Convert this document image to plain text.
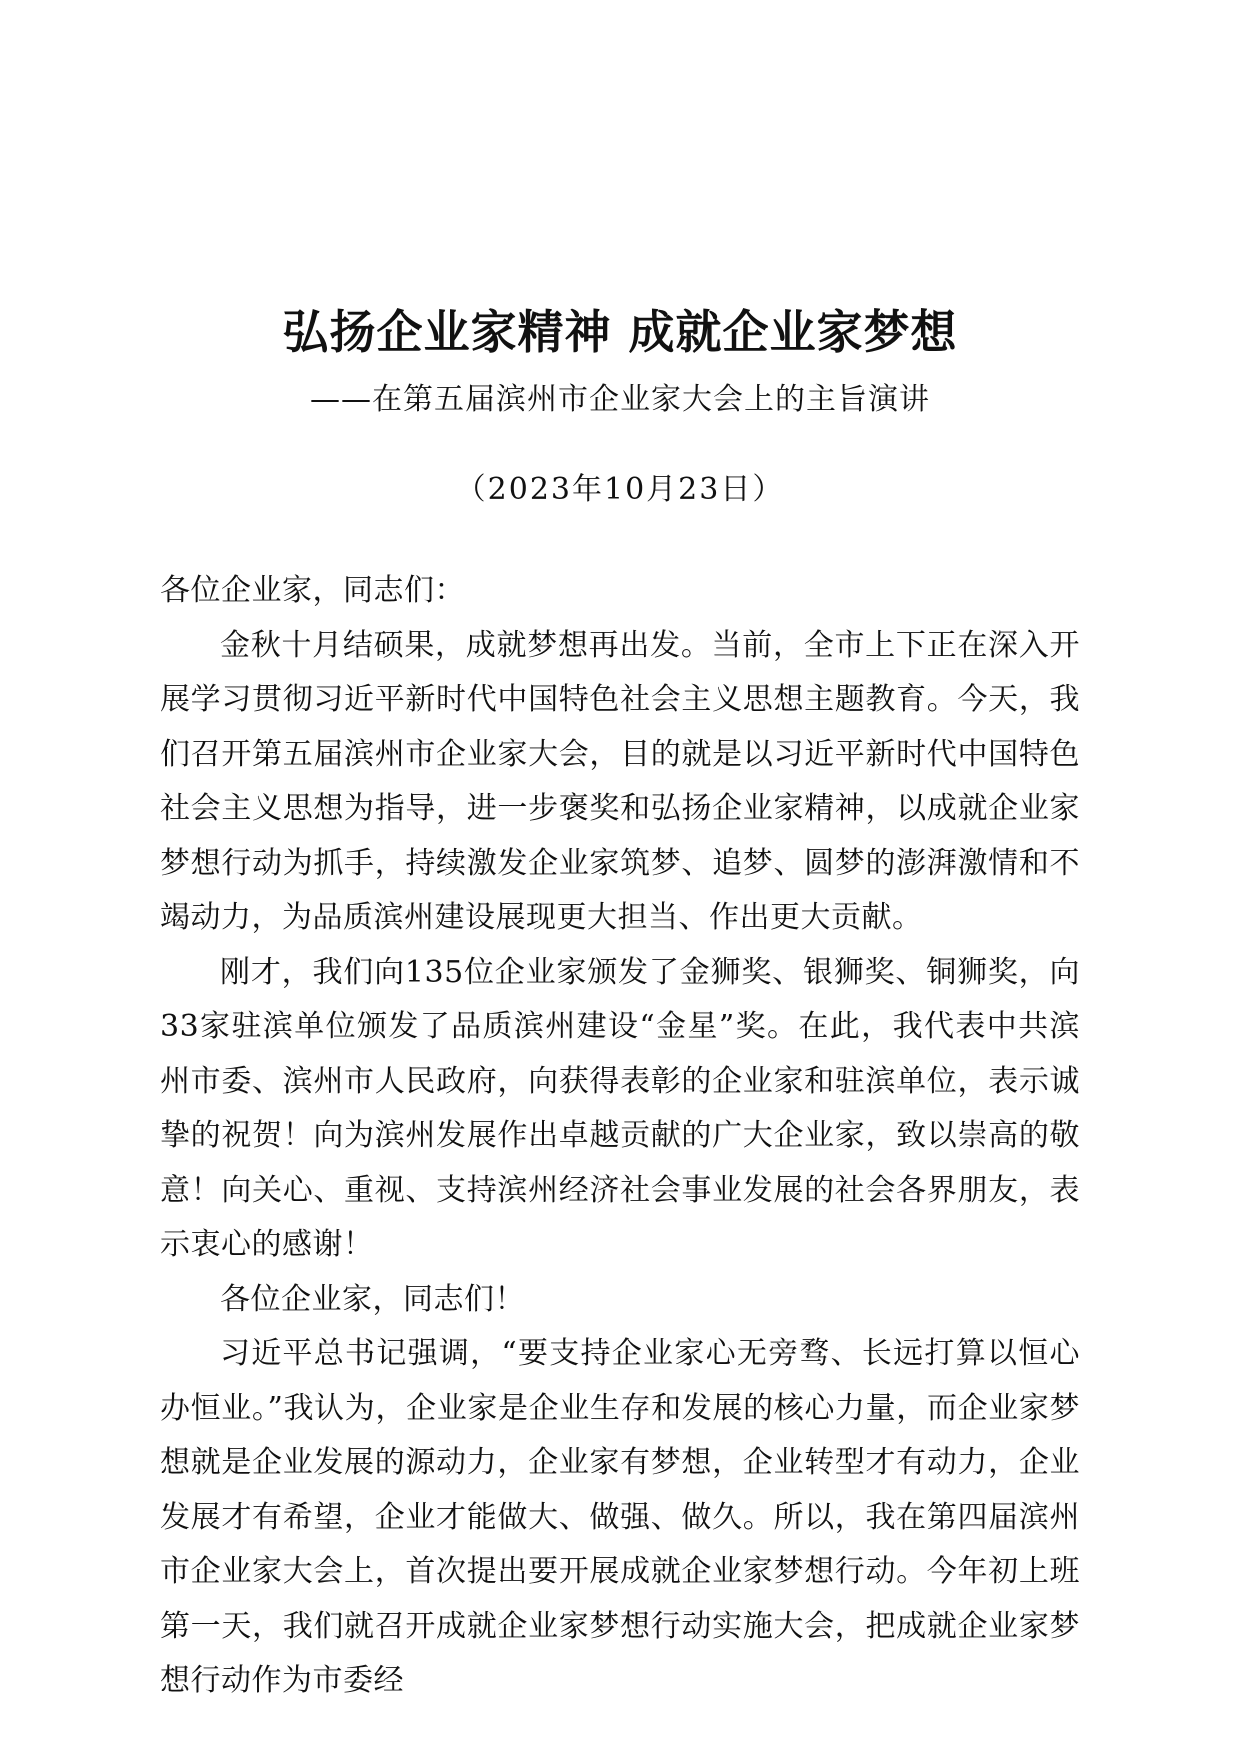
弘扬企业家精神 成就企业家梦想
——在第五届滨州市企业家大会上的主旨演讲
（2023年10月23日）

各位企业家，同志们：

金秋十月结硕果，成就梦想再出发。当前，全市上下正在深入开展学习贯彻习近平新时代中国特色社会主义思想主题教育。今天，我们召开第五届滨州市企业家大会，目的就是以习近平新时代中国特色社会主义思想为指导，进一步褒奖和弘扬企业家精神，以成就企业家梦想行动为抓手，持续激发企业家筑梦、追梦、圆梦的澎湃激情和不竭动力，为品质滨州建设展现更大担当、作出更大贡献。

刚才，我们向135位企业家颁发了金狮奖、银狮奖、铜狮奖，向33家驻滨单位颁发了品质滨州建设“金星”奖。在此，我代表中共滨州市委、滨州市人民政府，向获得表彰的企业家和驻滨单位，表示诚挚的祝贺！向为滨州发展作出卓越贡献的广大企业家，致以崇高的敬意！向关心、重视、支持滨州经济社会事业发展的社会各界朋友，表示衷心的感谢！

各位企业家，同志们！

习近平总书记强调，“要支持企业家心无旁骛、长远打算以恒心办恒业。”我认为，企业家是企业生存和发展的核心力量，而企业家梦想就是企业发展的源动力，企业家有梦想，企业转型才有动力，企业发展才有希望，企业才能做大、做强、做久。所以，我在第四届滨州市企业家大会上，首次提出要开展成就企业家梦想行动。今年初上班第一天，我们就召开成就企业家梦想行动实施大会，把成就企业家梦想行动作为市委经
